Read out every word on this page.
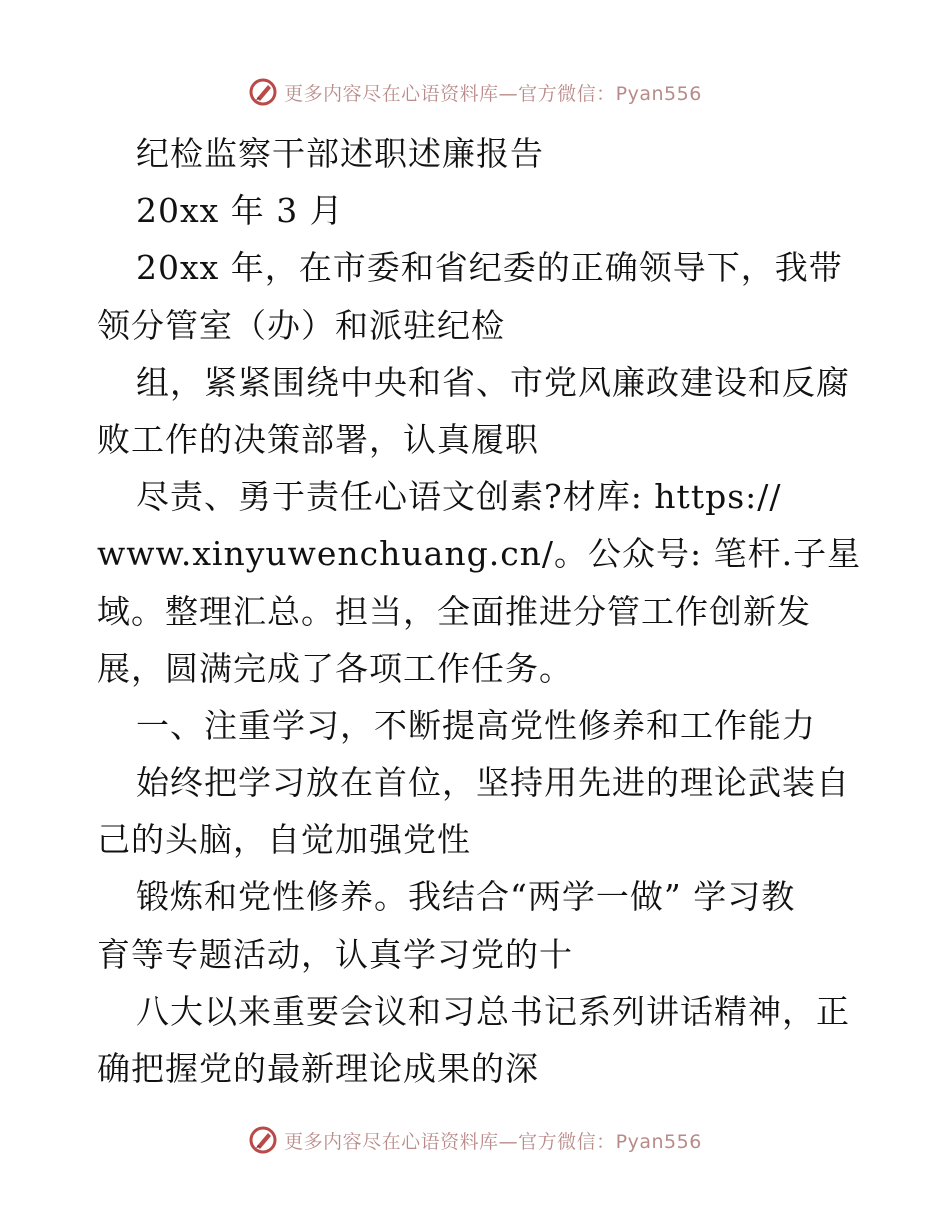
更多内容尽在心语资料库—官方微信：Pyan556
纪检监察干部述职述廉报告
20xx 年 3 月
20xx 年，在市委和省纪委的正确领导下，我带
领分管室（办）和派驻纪检
组，紧紧围绕中央和省、市党风廉政建设和反腐
败工作的决策部署，认真履职
尽责、勇于责任心语文创素?材库: https://
www.xinyuwenchuang.cn/。公众号: 笔杆.子星
域。整理汇总。担当，全面推进分管工作创新发
展，圆满完成了各项工作任务。
一、注重学习，不断提高党性修养和工作能力
始终把学习放在首位，坚持用先进的理论武装自
己的头脑，自觉加强党性
锻炼和党性修养。我结合“两学一做” 学习教
育等专题活动，认真学习党的十
八大以来重要会议和习总书记系列讲话精神，正
确把握党的最新理论成果的深
更多内容尽在心语资料库—官方微信：Pyan556
